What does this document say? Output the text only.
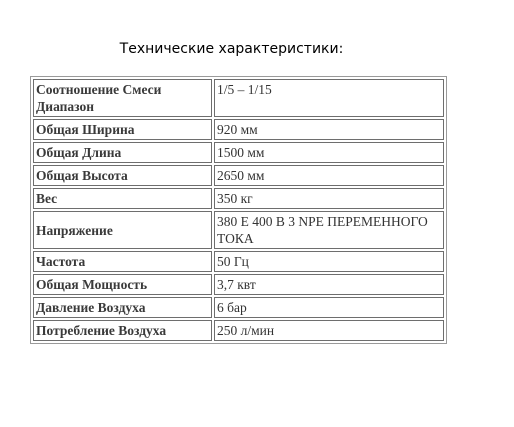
Технические характеристики:
Соотношение Смеси Диапазон	1/5 – 1/15
Общая Ширина	920 мм
Общая Длина	1500 мм
Общая Высота	2650 мм
Вес	350 кг
Напряжение	380 Е 400 В 3 NPE ПЕРЕМЕННОГО ТОКА
Частота	50 Гц
Общая Мощность	3,7 квт
Давление Воздуха	6 бар
Потребление Воздуха	250 л/мин
